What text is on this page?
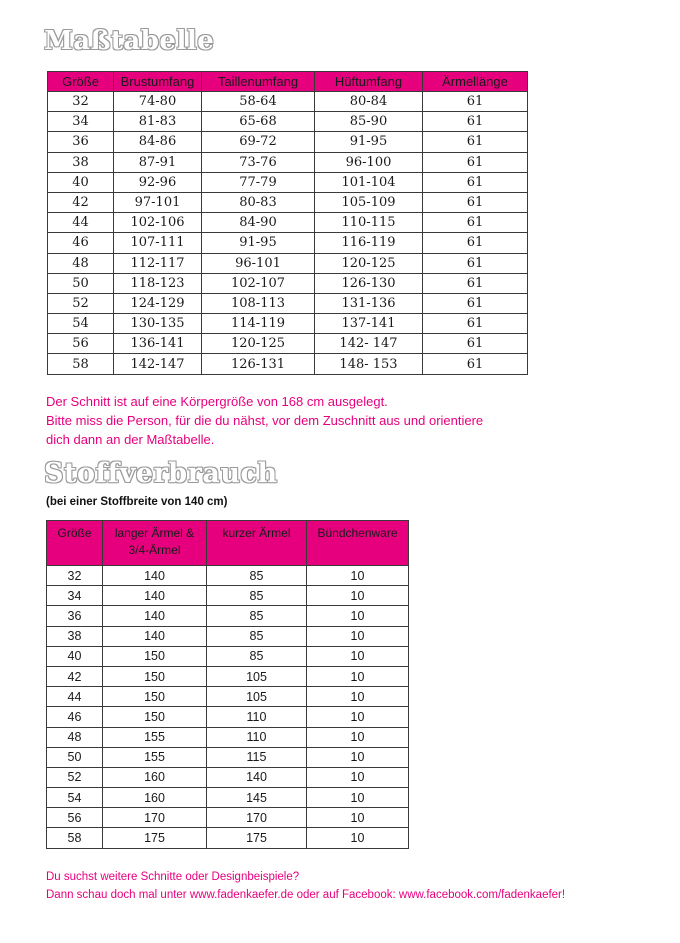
Maßtabelle
Größe	Brustumfang	Taillenumfang	Hüftumfang	Ärmellänge
32	74-80	58-64	80-84	61
34	81-83	65-68	85-90	61
36	84-86	69-72	91-95	61
38	87-91	73-76	96-100	61
40	92-96	77-79	101-104	61
42	97-101	80-83	105-109	61
44	102-106	84-90	110-115	61
46	107-111	91-95	116-119	61
48	112-117	96-101	120-125	61
50	118-123	102-107	126-130	61
52	124-129	108-113	131-136	61
54	130-135	114-119	137-141	61
56	136-141	120-125	142- 147	61
58	142-147	126-131	148- 153	61

Der Schnitt ist auf eine Körpergröße von 168 cm ausgelegt.

Bitte miss die Person, für die du nähst, vor dem Zuschnitt aus und orientiere

dich dann an der Maßtabelle.

Stoffverbrauch
(bei einer Stoffbreite von 140 cm)
Größe	langer Ärmel & 3/4-Ärmel	kurzer Ärmel	Bündchenware
32	140	85	10
34	140	85	10
36	140	85	10
38	140	85	10
40	150	85	10
42	150	105	10
44	150	105	10
46	150	110	10
48	155	110	10
50	155	115	10
52	160	140	10
54	160	145	10
56	170	170	10
58	175	175	10

Du suchst weitere Schnitte oder Designbeispiele?

Dann schau doch mal unter www.fadenkaefer.de oder auf Facebook: www.facebook.com/fadenkaefer!
